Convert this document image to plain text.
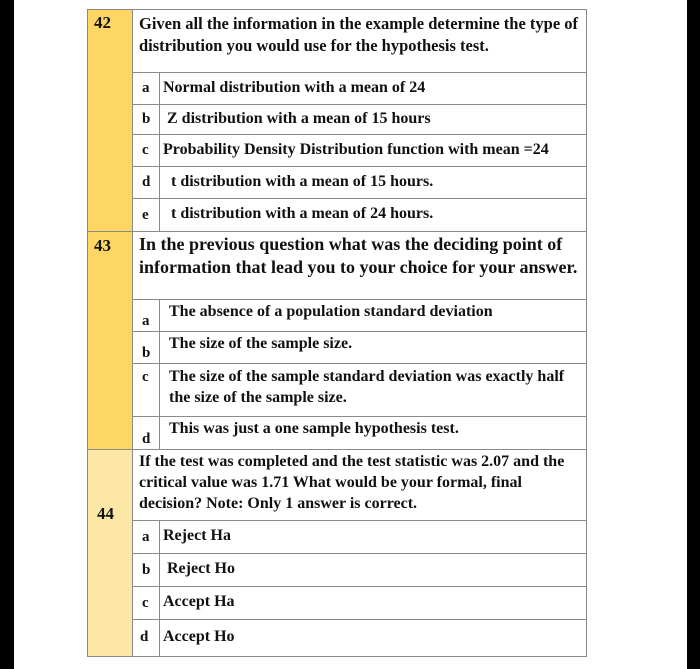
42 Given all the information in the example determine the type of distribution you would use for the hypothesis test.
a Normal distribution with a mean of 24
b Z distribution with a mean of 15 hours
c Probability Density Distribution function with mean =24
d t distribution with a mean of 15 hours.
e t distribution with a mean of 24 hours.
43 In the previous question what was the deciding point of information that lead you to your choice for your answer.
a
The absence of a population standard deviation
b
The size of the sample size.
c The size of the sample standard deviation was exactly half the size of the sample size.
d
This was just a one sample hypothesis test.
44
If the test was completed and the test statistic was 2.07 and the critical value was 1.71 What would be your formal, final decision? Note: Only 1 answer is correct.
a Reject Ha
b Reject Ho
c Accept Ha
d Accept Ho
